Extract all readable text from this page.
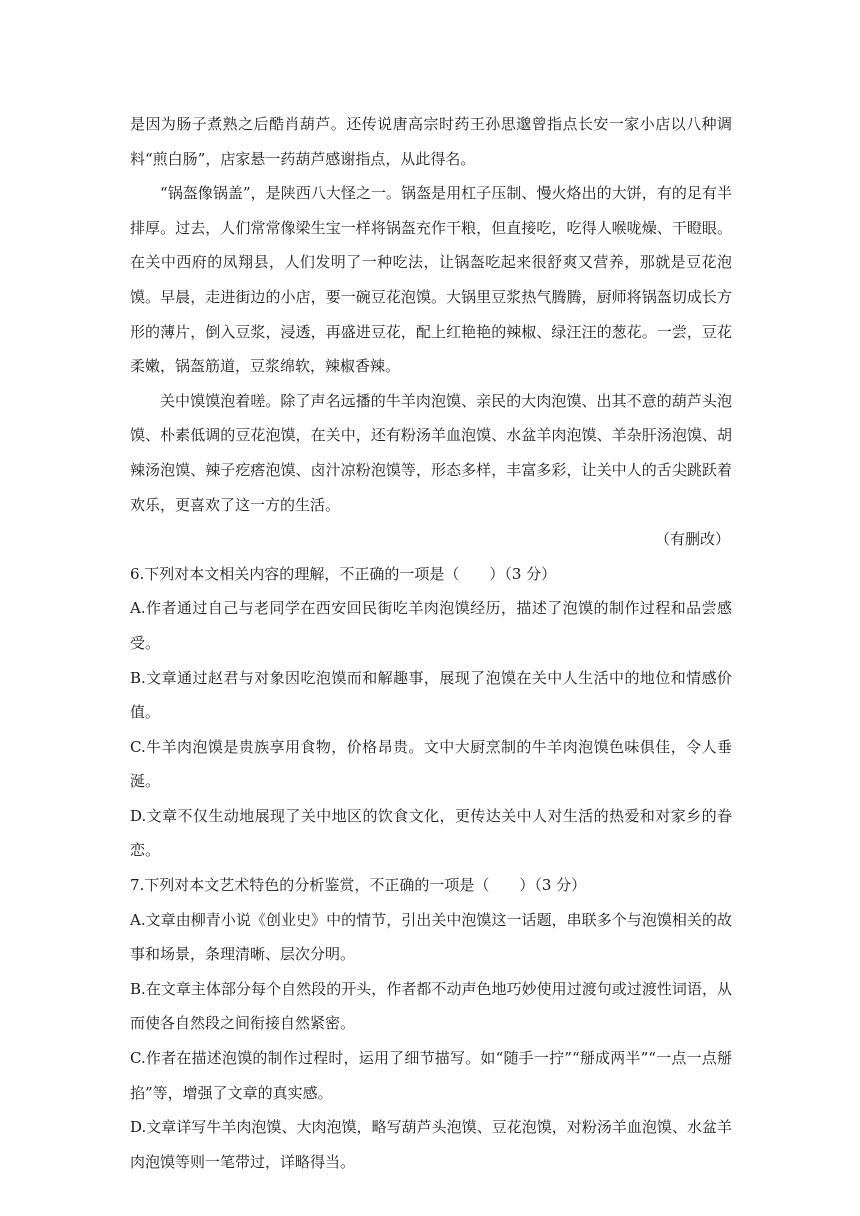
是因为肠子煮熟之后酷肖葫芦。还传说唐高宗时药王孙思邈曾指点长安一家小店以八种调料“煎白肠”，店家悬一药葫芦感谢指点，从此得名。

“锅盔像锅盖”，是陕西八大怪之一。锅盔是用杠子压制、慢火烙出的大饼，有的足有半排厚。过去，人们常常像梁生宝一样将锅盔充作干粮，但直接吃，吃得人喉咙燥、干瞪眼。在关中西府的凤翔县，人们发明了一种吃法，让锅盔吃起来很舒爽又营养，那就是豆花泡馍。早晨，走进街边的小店，要一碗豆花泡馍。大锅里豆浆热气腾腾，厨师将锅盔切成长方形的薄片，倒入豆浆，浸透，再盛进豆花，配上红艳艳的辣椒、绿汪汪的葱花。一尝，豆花柔嫩，锅盔筋道，豆浆绵软，辣椒香辣。

关中馍馍泡着嗟。除了声名远播的牛羊肉泡馍、亲民的大肉泡馍、出其不意的葫芦头泡馍、朴素低调的豆花泡馍，在关中，还有粉汤羊血泡馍、水盆羊肉泡馍、羊杂肝汤泡馍、胡辣汤泡馍、辣子疙瘩泡馍、卤汁凉粉泡馍等，形态多样，丰富多彩，让关中人的舌尖跳跃着欢乐，更喜欢了这一方的生活。

（有删改）

6.下列对本文相关内容的理解，不正确的一项是（　　）（3 分）

A.作者通过自己与老同学在西安回民街吃羊肉泡馍经历，描述了泡馍的制作过程和品尝感受。

B.文章通过赵君与对象因吃泡馍而和解趣事，展现了泡馍在关中人生活中的地位和情感价值。

C.牛羊肉泡馍是贵族享用食物，价格昂贵。文中大厨烹制的牛羊肉泡馍色味俱佳，令人垂涎。

D.文章不仅生动地展现了关中地区的饮食文化，更传达关中人对生活的热爱和对家乡的眷恋。

7.下列对本文艺术特色的分析鉴赏，不正确的一项是（　　）（3 分）

A.文章由柳青小说《创业史》中的情节，引出关中泡馍这一话题，串联多个与泡馍相关的故事和场景，条理清晰、层次分明。

B.在文章主体部分每个自然段的开头，作者都不动声色地巧妙使用过渡句或过渡性词语，从而使各自然段之间衔接自然紧密。

C.作者在描述泡馍的制作过程时，运用了细节描写。如“随手一拧”“掰成两半”“一点一点掰掐”等，增强了文章的真实感。

D.文章详写牛羊肉泡馍、大肉泡馍，略写葫芦头泡馍、豆花泡馍，对粉汤羊血泡馍、水盆羊肉泡馍等则一笔带过，详略得当。
